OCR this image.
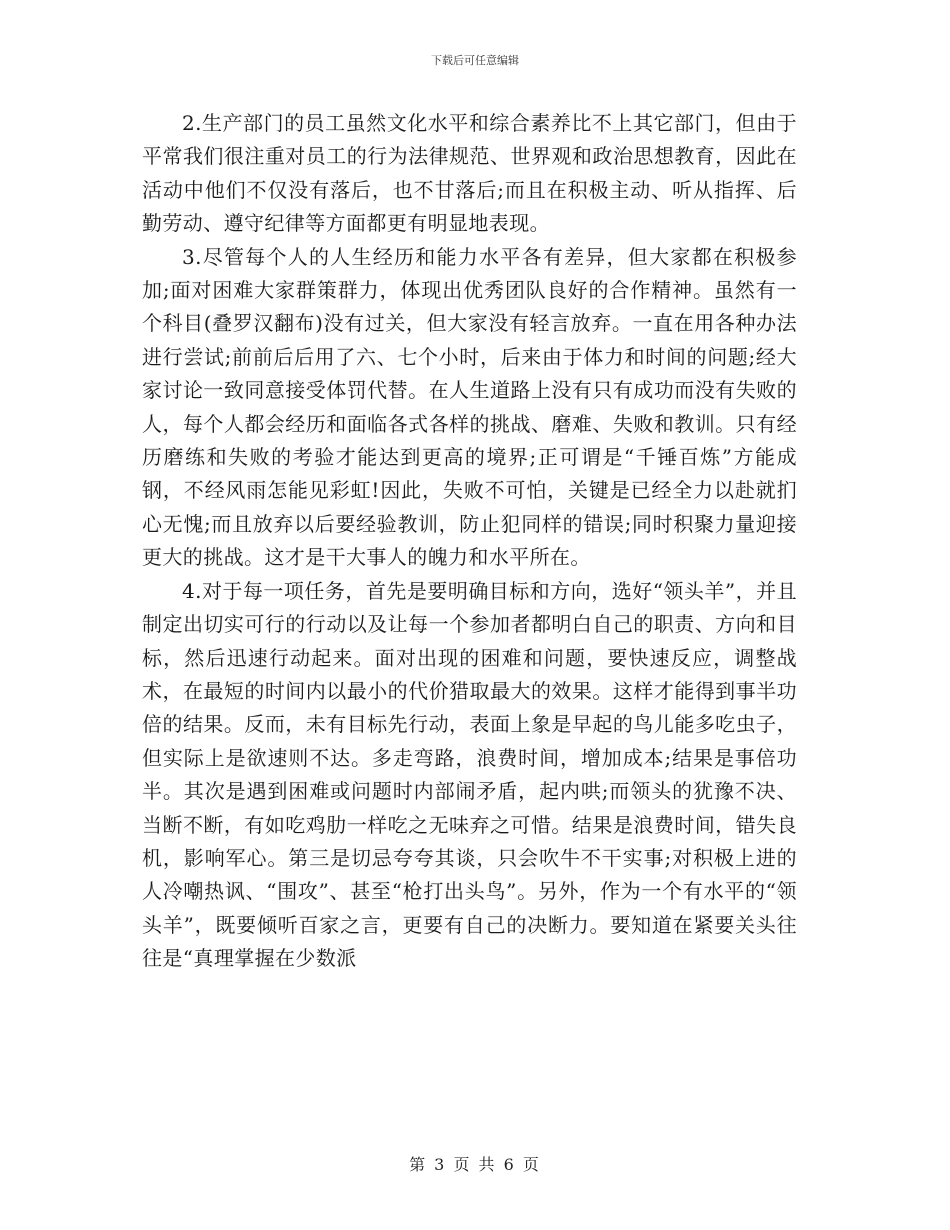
下载后可任意编辑

2.生产部门的员工虽然文化水平和综合素养比不上其它部门，但由于平常我们很注重对员工的行为法律规范、世界观和政治思想教育，因此在活动中他们不仅没有落后，也不甘落后;而且在积极主动、听从指挥、后勤劳动、遵守纪律等方面都更有明显地表现。

3.尽管每个人的人生经历和能力水平各有差异，但大家都在积极参加;面对困难大家群策群力，体现出优秀团队良好的合作精神。虽然有一个科目(叠罗汉翻布)没有过关，但大家没有轻言放弃。一直在用各种办法进行尝试;前前后后用了六、七个小时，后来由于体力和时间的问题;经大家讨论一致同意接受体罚代替。在人生道路上没有只有成功而没有失败的人，每个人都会经历和面临各式各样的挑战、磨难、失败和教训。只有经历磨练和失败的考验才能达到更高的境界;正可谓是“千锤百炼”方能成钢，不经风雨怎能见彩虹!因此，失败不可怕，关键是已经全力以赴就扪心无愧;而且放弃以后要经验教训，防止犯同样的错误;同时积聚力量迎接更大的挑战。这才是干大事人的魄力和水平所在。

4.对于每一项任务，首先是要明确目标和方向，选好“领头羊”，并且制定出切实可行的行动以及让每一个参加者都明白自己的职责、方向和目标，然后迅速行动起来。面对出现的困难和问题，要快速反应，调整战术，在最短的时间内以最小的代价猎取最大的效果。这样才能得到事半功倍的结果。反而，未有目标先行动，表面上象是早起的鸟儿能多吃虫子，但实际上是欲速则不达。多走弯路，浪费时间，增加成本;结果是事倍功半。其次是遇到困难或问题时内部闹矛盾，起内哄;而领头的犹豫不决、当断不断，有如吃鸡肋一样吃之无味弃之可惜。结果是浪费时间，错失良机，影响军心。第三是切忌夸夸其谈，只会吹牛不干实事;对积极上进的人冷嘲热讽、“围攻”、甚至“枪打出头鸟”。另外，作为一个有水平的“领头羊”，既要倾听百家之言，更要有自己的决断力。要知道在紧要关头往往是“真理掌握在少数派

第 3 页 共 6 页
